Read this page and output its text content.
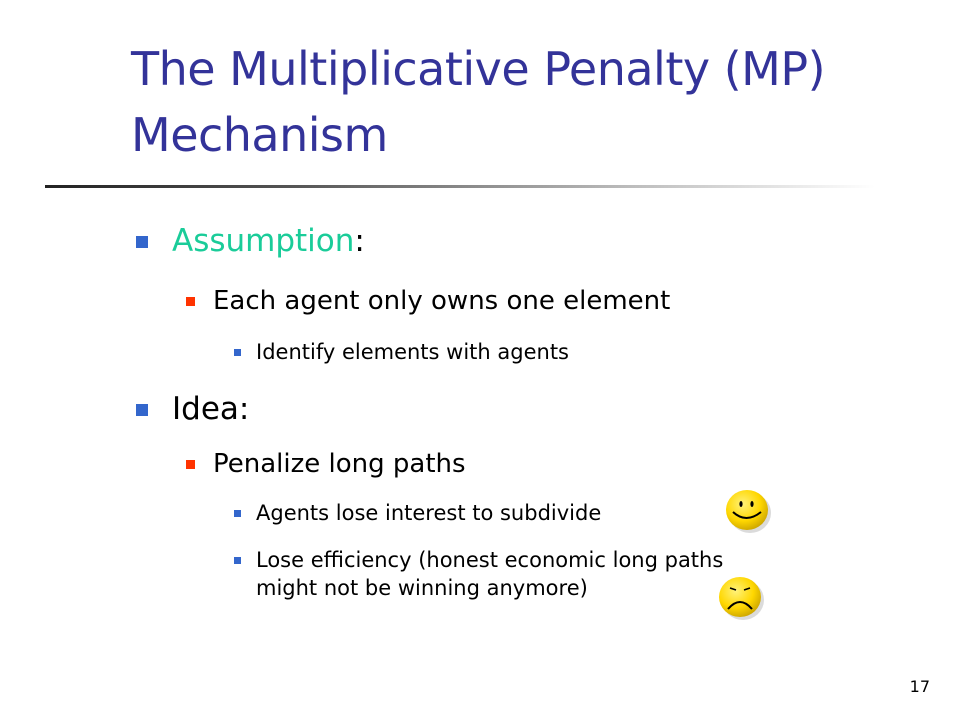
The Multiplicative Penalty (MP)
Mechanism
Assumption:
Each agent only owns one element
Identify elements with agents
Idea:
Penalize long paths
Agents lose interest to subdivide
Lose efficiency (honest economic long paths
might not be winning anymore)
17
